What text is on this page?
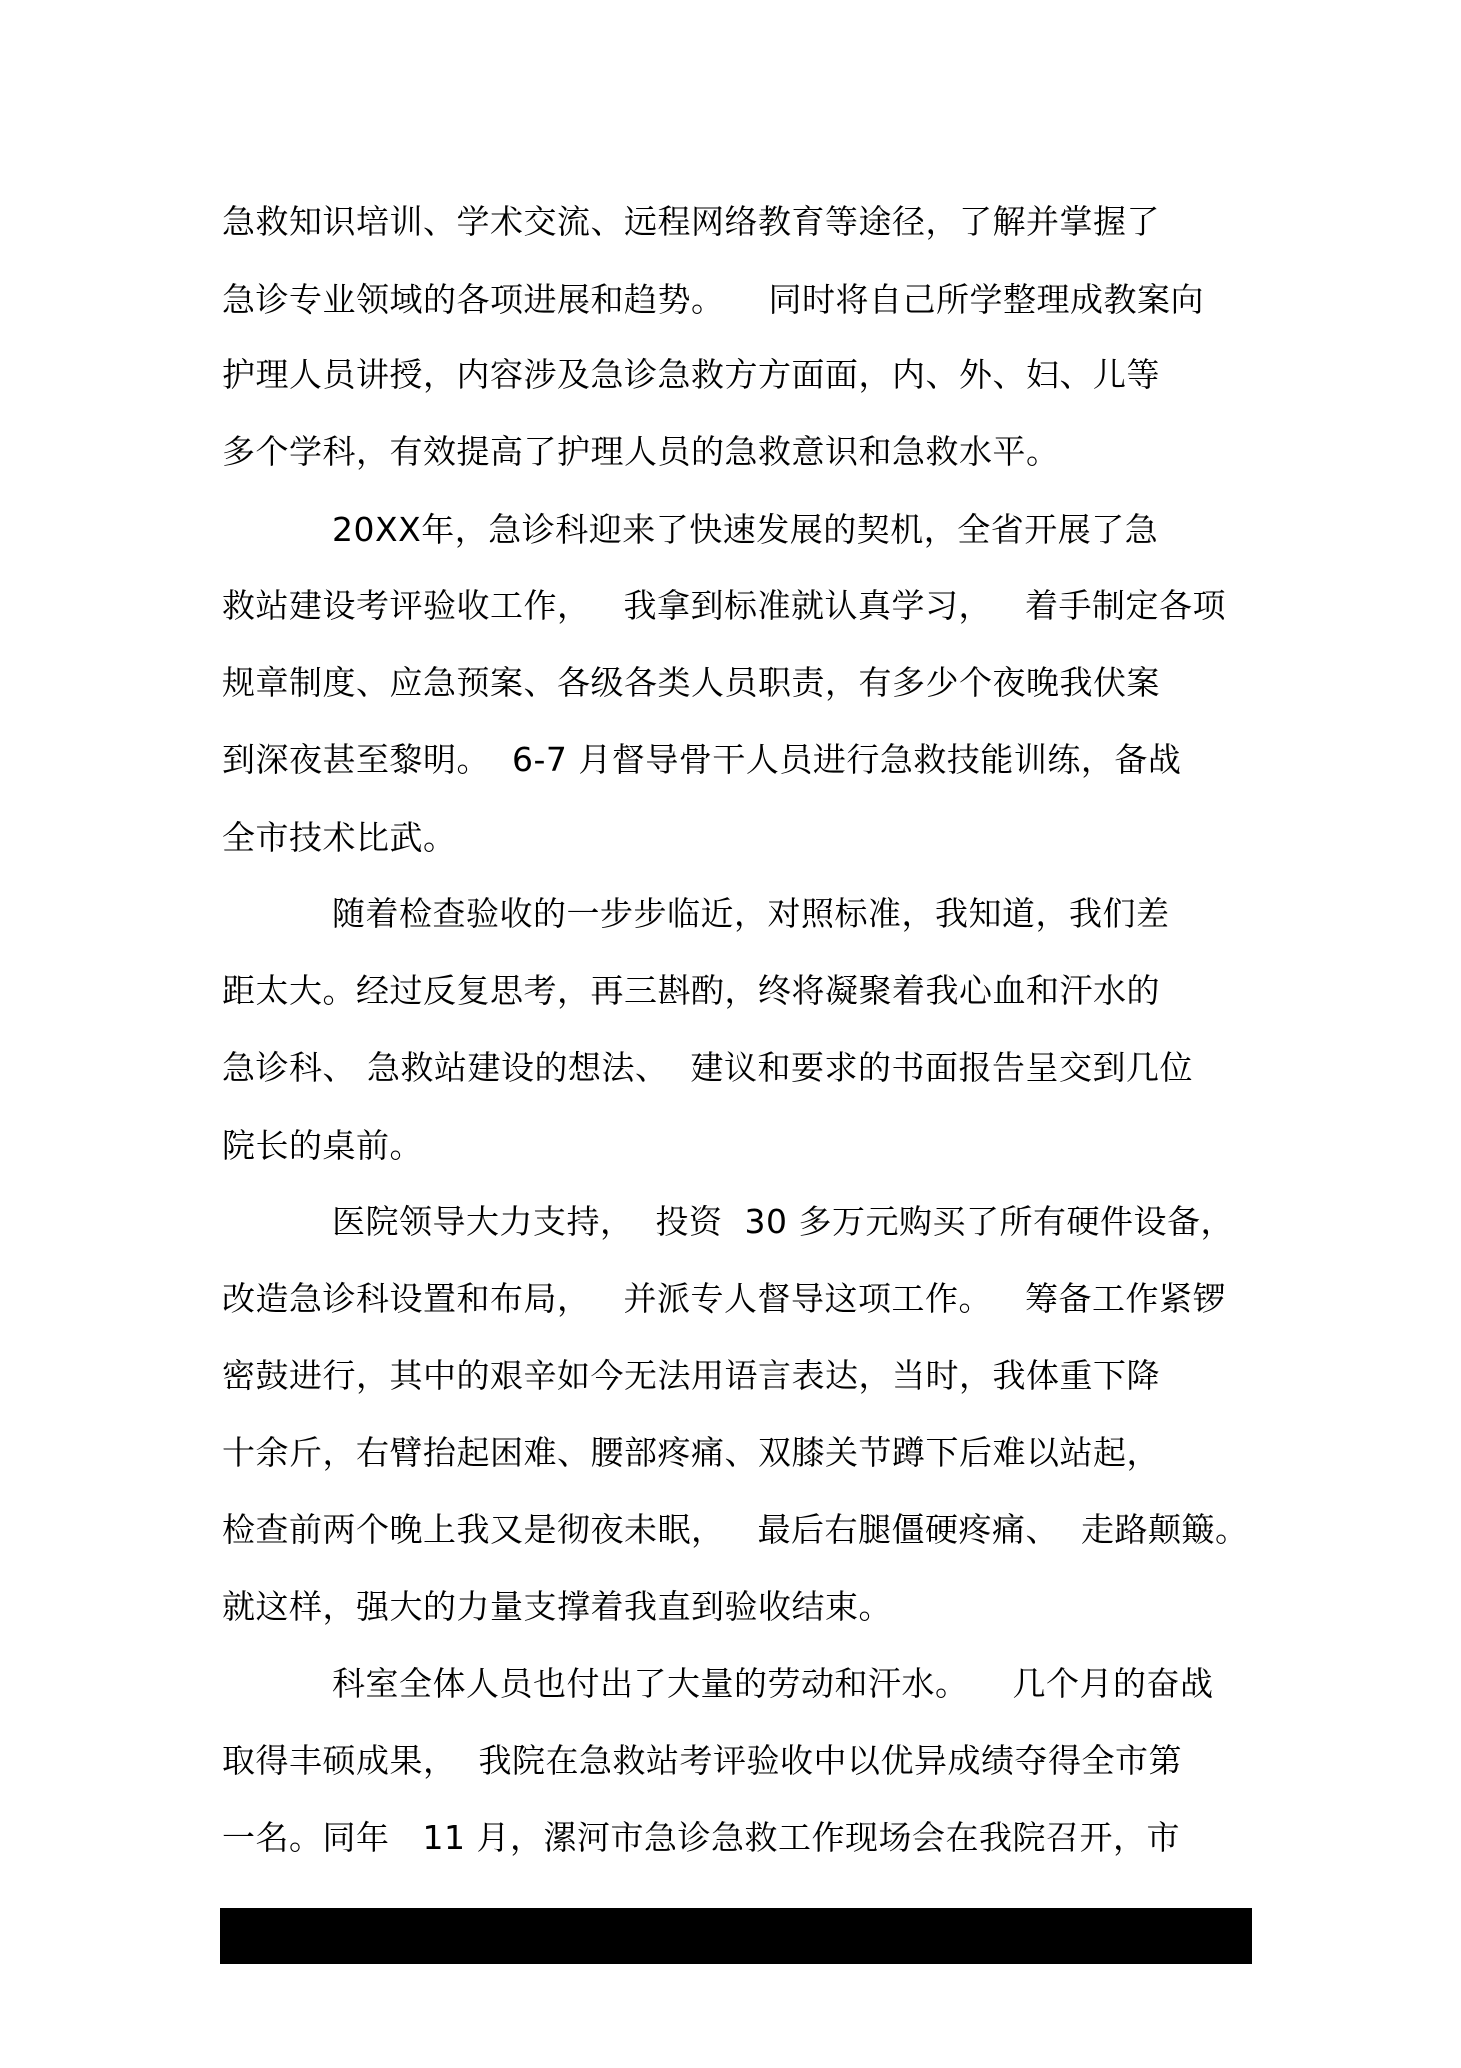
急救知识培训、学术交流、远程网络教育等途径，了解并掌握了
急诊专业领域的各项进展和趋势。    同时将自己所学整理成教案向
护理人员讲授，内容涉及急诊急救方方面面，内、外、妇、儿等
多个学科，有效提高了护理人员的急救意识和急救水平。
20XX年，急诊科迎来了快速发展的契机，全省开展了急
救站建设考评验收工作，   我拿到标准就认真学习，   着手制定各项
规章制度、应急预案、各级各类人员职责，有多少个夜晚我伏案
到深夜甚至黎明。  6-7 月督导骨干人员进行急救技能训练，备战
全市技术比武。
随着检查验收的一步步临近，对照标准，我知道，我们差
距太大。经过反复思考，再三斟酌，终将凝聚着我心血和汗水的
急诊科、 急救站建设的想法、  建议和要求的书面报告呈交到几位
院长的桌前。
医院领导大力支持，  投资  30 多万元购买了所有硬件设备，
改造急诊科设置和布局，   并派专人督导这项工作。   筹备工作紧锣
密鼓进行，其中的艰辛如今无法用语言表达，当时，我体重下降
十余斤，右臂抬起困难、腰部疼痛、双膝关节蹲下后难以站起，
检查前两个晚上我又是彻夜未眠，   最后右腿僵硬疼痛、  走路颠簸。
就这样，强大的力量支撑着我直到验收结束。
科室全体人员也付出了大量的劳动和汗水。    几个月的奋战
取得丰硕成果，  我院在急救站考评验收中以优异成绩夺得全市第
一名。同年   11 月，漯河市急诊急救工作现场会在我院召开，市
